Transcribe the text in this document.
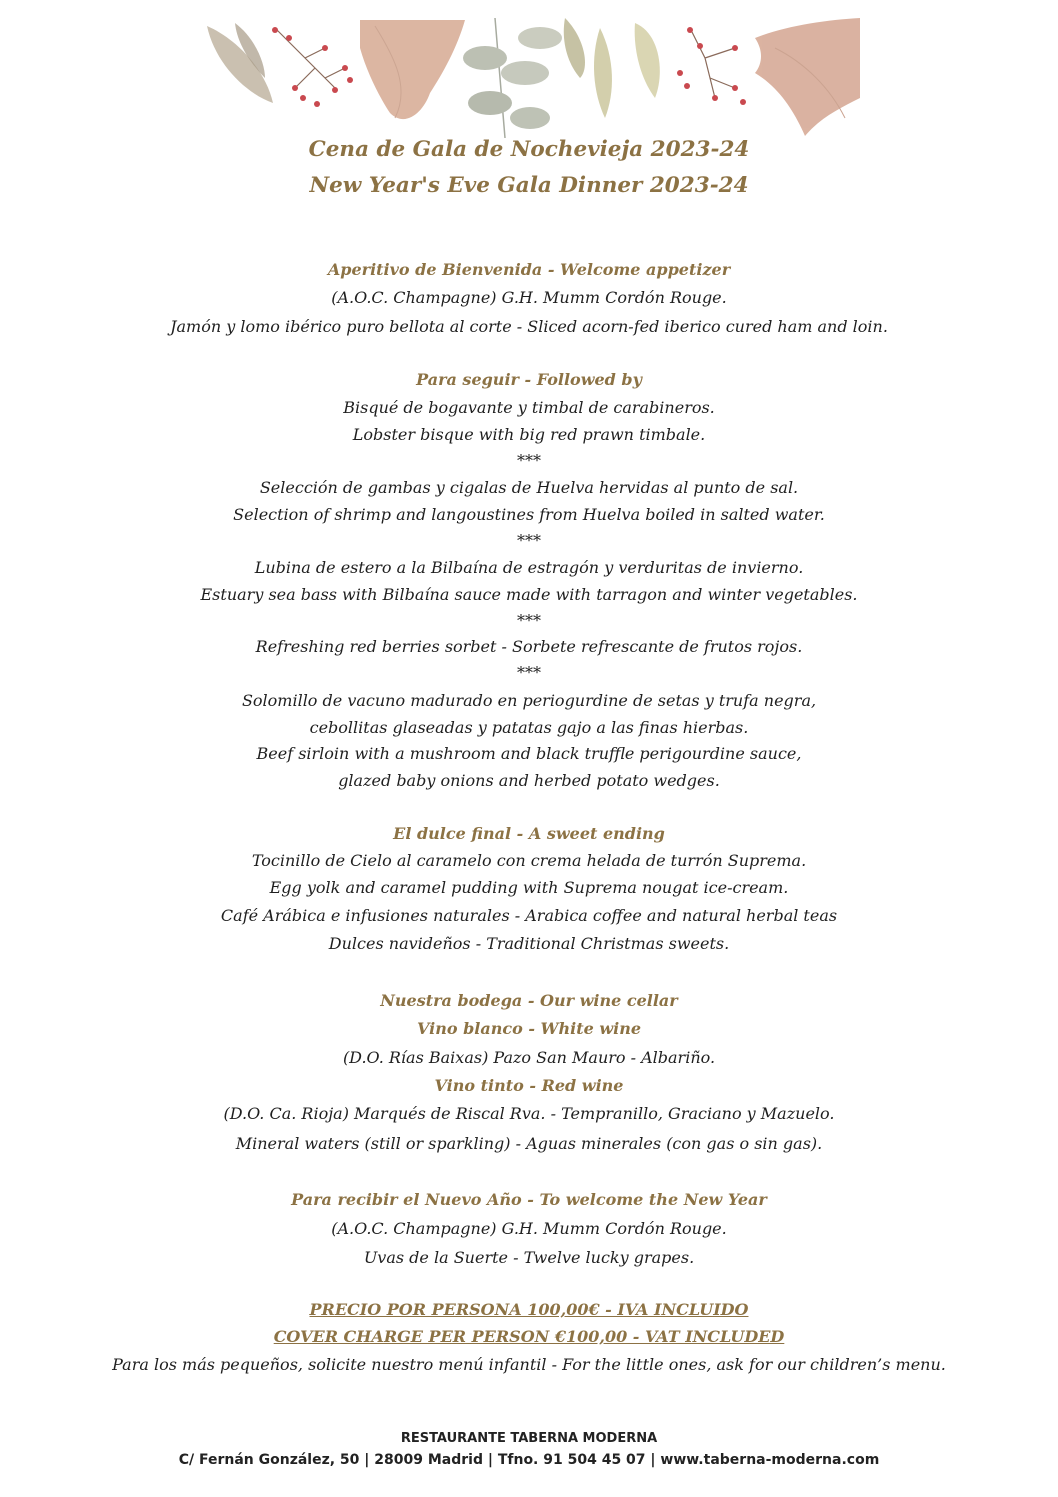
Cena de Gala de Nochevieja 2023-24
New Year's Eve Gala Dinner 2023-24
Aperitivo de Bienvenida - Welcome appetizer
(A.O.C. Champagne) G.H. Mumm Cordón Rouge.
Jamón y lomo ibérico puro bellota al corte - Sliced acorn-fed iberico cured ham and loin.
Para seguir - Followed by
Bisqué de bogavante y timbal de carabineros.
Lobster bisque with big red prawn timbale.
***
Selección de gambas y cigalas de Huelva hervidas al punto de sal.
Selection of shrimp and langoustines from Huelva boiled in salted water.
***
Lubina de estero a la Bilbaína de estragón y verduritas de invierno.
Estuary sea bass with Bilbaína sauce made with tarragon and winter vegetables.
***
Refreshing red berries sorbet - Sorbete refrescante de frutos rojos.
***
Solomillo de vacuno madurado en periogurdine de setas y trufa negra,
cebollitas glaseadas y patatas gajo a las finas hierbas.
Beef sirloin with a mushroom and black truffle perigourdine sauce,
glazed baby onions and herbed potato wedges.
El dulce final - A sweet ending
Tocinillo de Cielo al caramelo con crema helada de turrón Suprema.
Egg yolk and caramel pudding with Suprema nougat ice-cream.
Café Arábica e infusiones naturales - Arabica coffee and natural herbal teas
Dulces navideños - Traditional Christmas sweets.
Nuestra bodega - Our wine cellar
Vino blanco - White wine
(D.O. Rías Baixas) Pazo San Mauro - Albariño.
Vino tinto - Red wine
(D.O. Ca. Rioja) Marqués de Riscal Rva. - Tempranillo, Graciano y Mazuelo.
Mineral waters (still or sparkling) - Aguas minerales (con gas o sin gas).
Para recibir el Nuevo Año - To welcome the New Year
(A.O.C. Champagne) G.H. Mumm Cordón Rouge.
Uvas de la Suerte - Twelve lucky grapes.
PRECIO POR PERSONA 100,00€ - IVA INCLUIDO
COVER CHARGE PER PERSON €100,00 - VAT INCLUDED
Para los más pequeños, solicite nuestro menú infantil - For the little ones, ask for our children’s menu.
RESTAURANTE TABERNA MODERNA
C/ Fernán González, 50 | 28009 Madrid | Tfno. 91 504 45 07 | www.taberna-moderna.com
